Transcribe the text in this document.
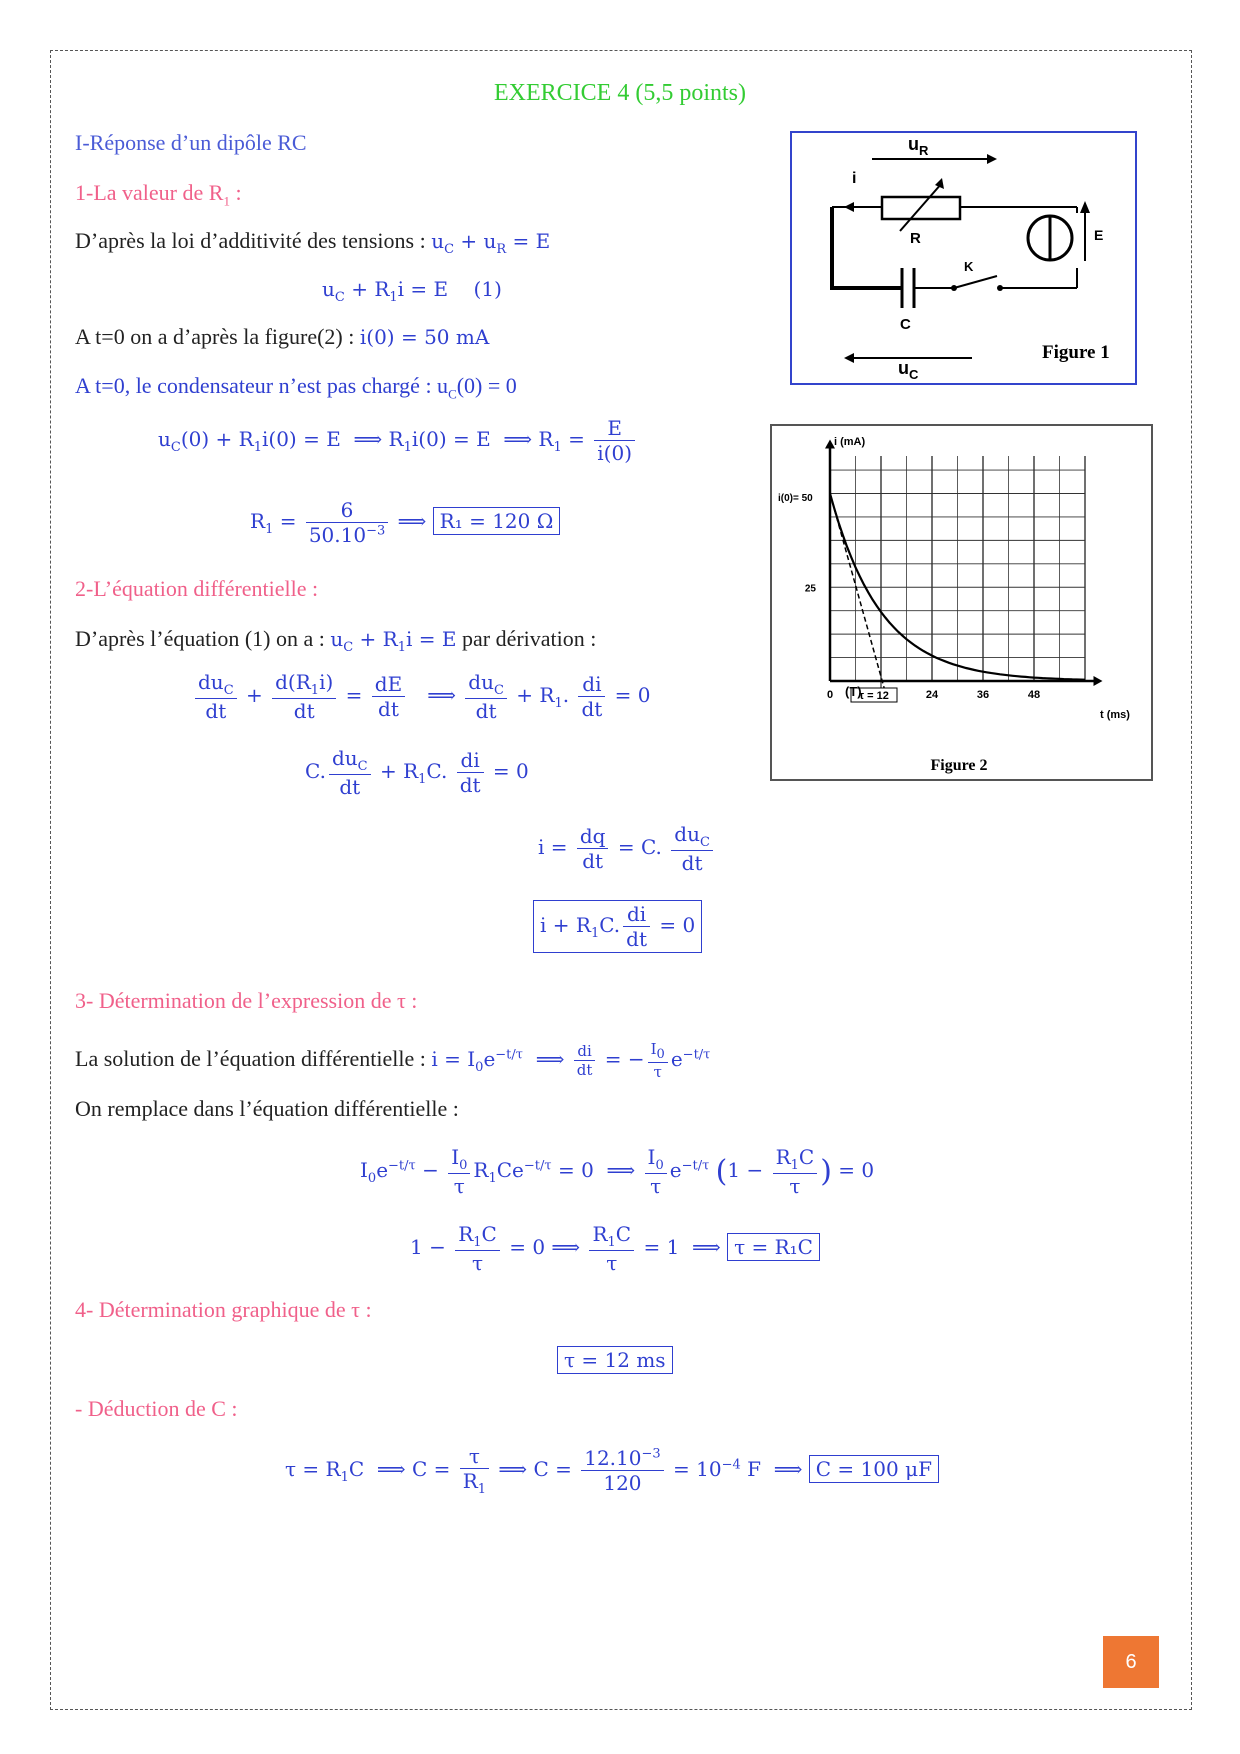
EXERCICE 4 (5,5 points)
I-Réponse d’un dipôle RC
1-La valeur de $R_1$ :
D’après la loi d’additivité des tensions : $u_C + u_R = E$
$u_C + R_1i = E$    (1)
A t=0 on a d’après la figure(2) : i(0) = 50 mA
A t=0, le condensateur n’est pas chargé : $u_C(0) = 0$
$u_C(0) + R_1i(0) = E$  ⟹ $R_1i(0) = E$  ⟹ $R_1 = \frac{E}{i(0)}$
$R_1 = \frac{6}{50.10^{-3}}$ ⟹ R₁ = 120 Ω
2-L’équation différentielle :
D’après l’équation (1) on a : $u_C + R_1i = E$ par dérivation :
$\frac{du_C}{dt} + \frac{d(R_1i)}{dt} = \frac{dE}{dt}$ ⟹ $\frac{du_C}{dt} + R_1$. $\frac{di}{dt} = 0$
C. $\frac{du_C}{dt} + R_1C$. $\frac{di}{dt} = 0$
$i = \frac{dq}{dt} = C$. $\frac{du_C}{dt}$
$i + R_1C$. $\frac{di}{dt} = 0$
3- Détermination de l’expression de τ :
La solution de l’équation différentielle : $i = I_0e^{-t/\tau}$  ⟹ $\frac{di}{dt}$ = − $\frac{I_0}{\tau} e^{-t/\tau}$
On remplace dans l’équation différentielle :
$I_0e^{-t/\tau} - \frac{I_0}{\tau} R_1Ce^{-t/\tau} = 0$  ⟹ $\frac{I_0}{\tau} e^{-t/\tau}$ ($1 - \frac{R_1C}{\tau}$ ) = 0
$1 - \frac{R_1C}{\tau} = 0$ ⟹ $\frac{R_1C}{\tau} = 1$  ⟹ τ = R₁C
4- Détermination graphique de τ :
τ = 12 ms
- Déduction de C :
$\tau = R_1C$  ⟹ $C = \frac{\tau}{R_1}$ ⟹ $C = \frac{12.10^{-3}}{120} = 10^{-4}$ F  ⟹ C = 100 μF
$u_R$
i
R	E
C
K
$u_C$
Figure 1
0	24	36	48
25
τ = 12
i (mA)
t (ms)
i(0)= 50
(T)
Figure 2
6
